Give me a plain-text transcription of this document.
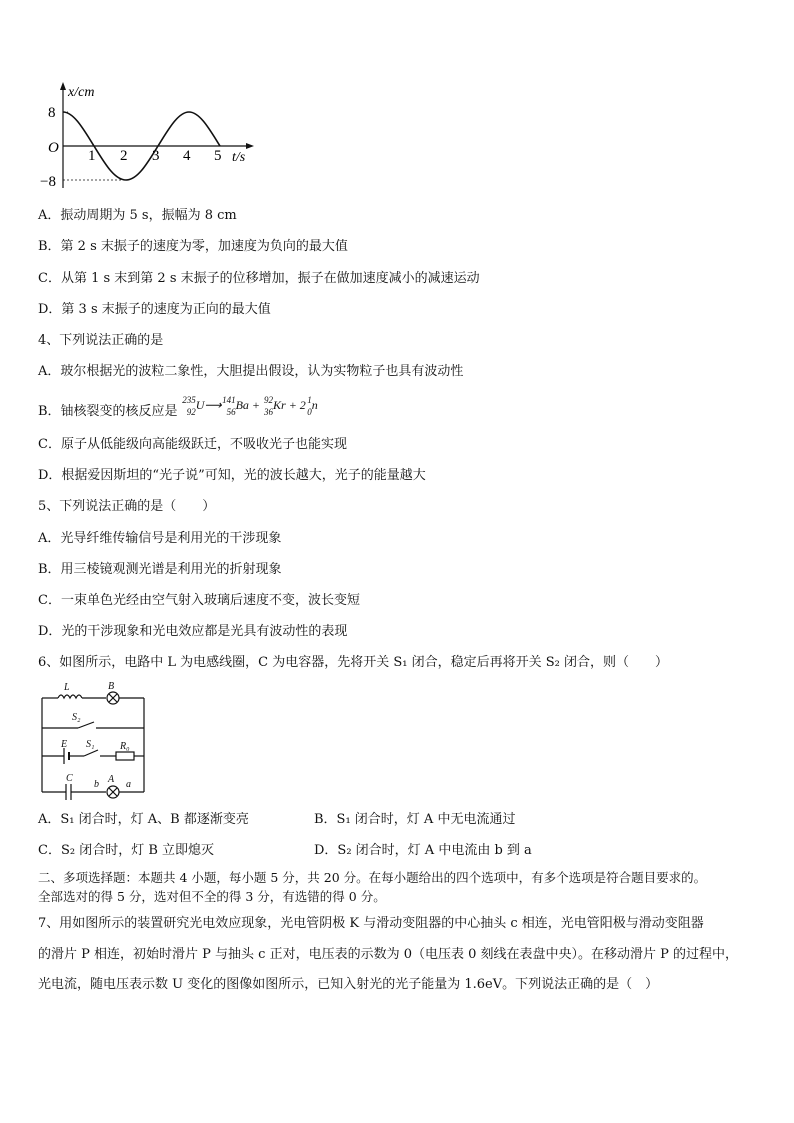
x/cm
8
O
−8
1 2 3 4 5 t/s
A．振动周期为 5 s，振幅为 8 cm
B．第 2 s 末振子的速度为零，加速度为负向的最大值
C．从第 1 s 末到第 2 s 末振子的位移增加，振子在做加速度减小的减速运动
D．第 3 s 末振子的速度为正向的最大值
4、下列说法正确的是
A．玻尔根据光的波粒二象性，大胆提出假设，认为实物粒子也具有波动性
B．铀核裂变的核反应是
235
92
U⟶ 141
56
Ba + 92
36
Kr + 2 1
0
n
C．原子从低能级向高能级跃迁，不吸收光子也能实现
D．根据爱因斯坦的“光子说”可知，光的波长越大，光子的能量越大
5、下列说法正确的是（　　）
A．光导纤维传输信号是利用光的干涉现象
B．用三棱镜观测光谱是利用光的折射现象
C．一束单色光经由空气射入玻璃后速度不变，波长变短
D．光的干涉现象和光电效应都是光具有波动性的表现
6、如图所示，电路中 L 为电感线圈，C 为电容器，先将开关 S₁ 闭合，稳定后再将开关 S₂ 闭合，则（　　）
L	B
S₂
E S₁	R₀
C
b A a
A．S₁ 闭合时，灯 A、B 都逐渐变亮	B．S₁ 闭合时，灯 A 中无电流通过
C．S₂ 闭合时，灯 B 立即熄灭	D．S₂ 闭合时，灯 A 中电流由 b 到 a
二、多项选择题：本题共 4 小题，每小题 5 分，共 20 分。在每小题给出的四个选项中，有多个选项是符合题目要求的。
全部选对的得 5 分，选对但不全的得 3 分，有选错的得 0 分。
7、用如图所示的装置研究光电效应现象，光电管阴极 K 与滑动变阻器的中心抽头 c 相连，光电管阳极与滑动变阻器
的滑片 P 相连，初始时滑片 P 与抽头 c 正对，电压表的示数为 0（电压表 0 刻线在表盘中央）。在移动滑片 P 的过程中，
光电流，随电压表示数 U 变化的图像如图所示，已知入射光的光子能量为 1.6eV。下列说法正确的是（　）
